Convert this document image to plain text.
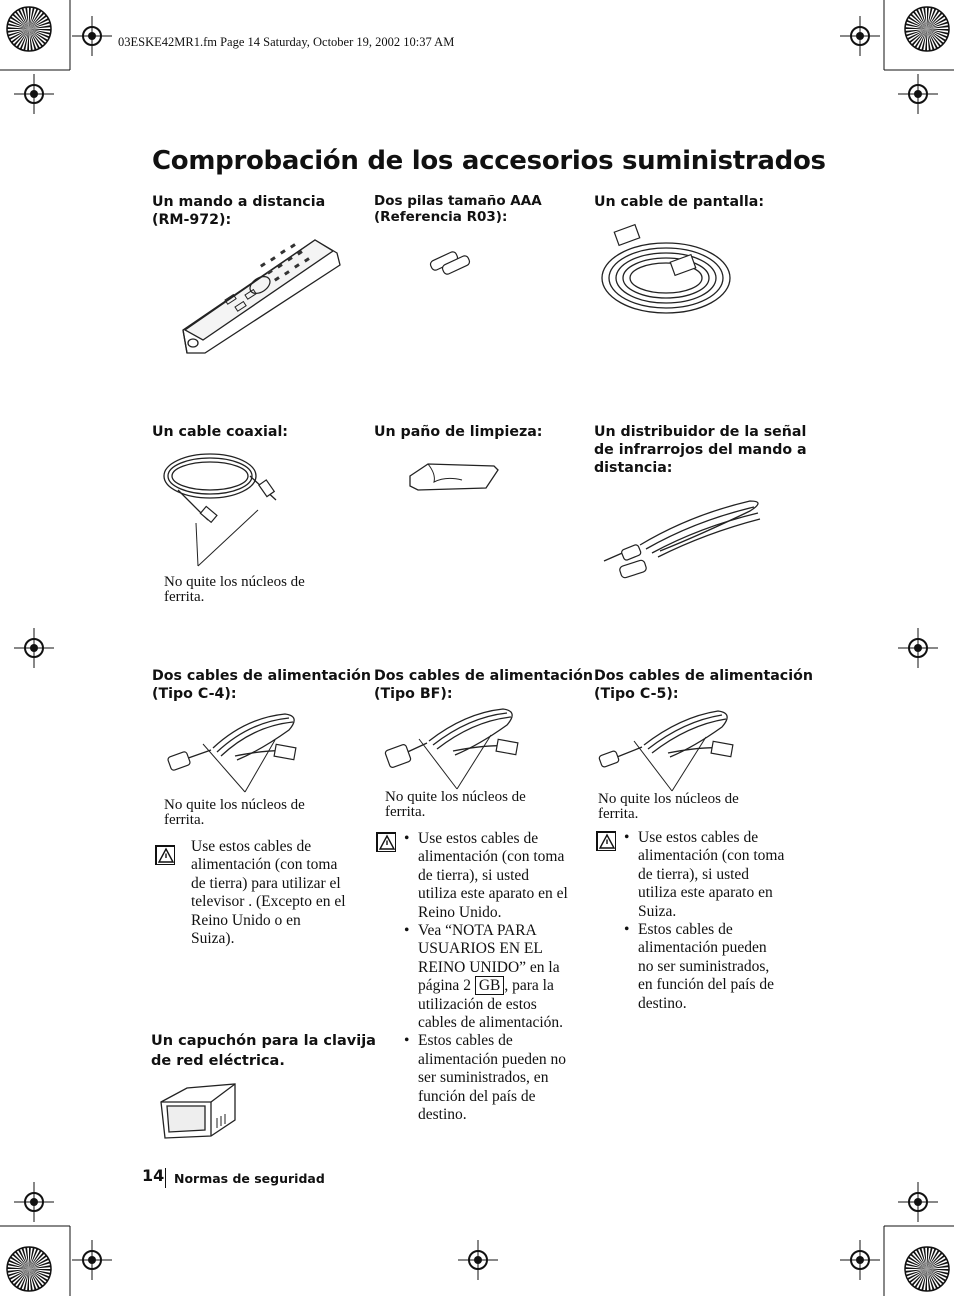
03ESKE42MR1.fm Page 14 Saturday, October 19, 2002 10:37 AM
Comprobación de los accesorios suministrados
Un mando a distancia
(RM-972):
Dos pilas tamaño AAA
(Referencia R03):
Un cable de pantalla:
Un cable coaxial:
No quite los núcleos de
ferrita.
Un paño de limpieza:	Un distribuidor de la señal
de infrarrojos del mando a
distancia:
Dos cables de alimentación
(Tipo C-4):
No quite los núcleos de
ferrita.
Dos cables de alimentación
(Tipo BF):
No quite los núcleos de
ferrita.
Dos cables de alimentación
(Tipo C-5):
No quite los núcleos de
ferrita.
Use estos cables de
alimentación (con toma
de tierra) para utilizar el
televisor . (Excepto en el
Reino Unido o en
Suiza).
• Use estos cables de
alimentación (con toma
de tierra), si usted
utiliza este aparato en el
Reino Unido.
• Vea “NOTA PARA
USUARIOS EN EL
REINO UNIDO” en la
página 2 GB , para la
utilización de estos
cables de alimentación.
• Estos cables de
alimentación pueden no
ser suministrados, en
función del país de
destino.
• Use estos cables de
alimentación (con toma
de tierra), si usted
utiliza este aparato en
Suiza.
• Estos cables de
alimentación pueden
no ser suministrados,
en función del país de
destino.
Un capuchón para la clavija
de red eléctrica.
14 Normas de seguridad
